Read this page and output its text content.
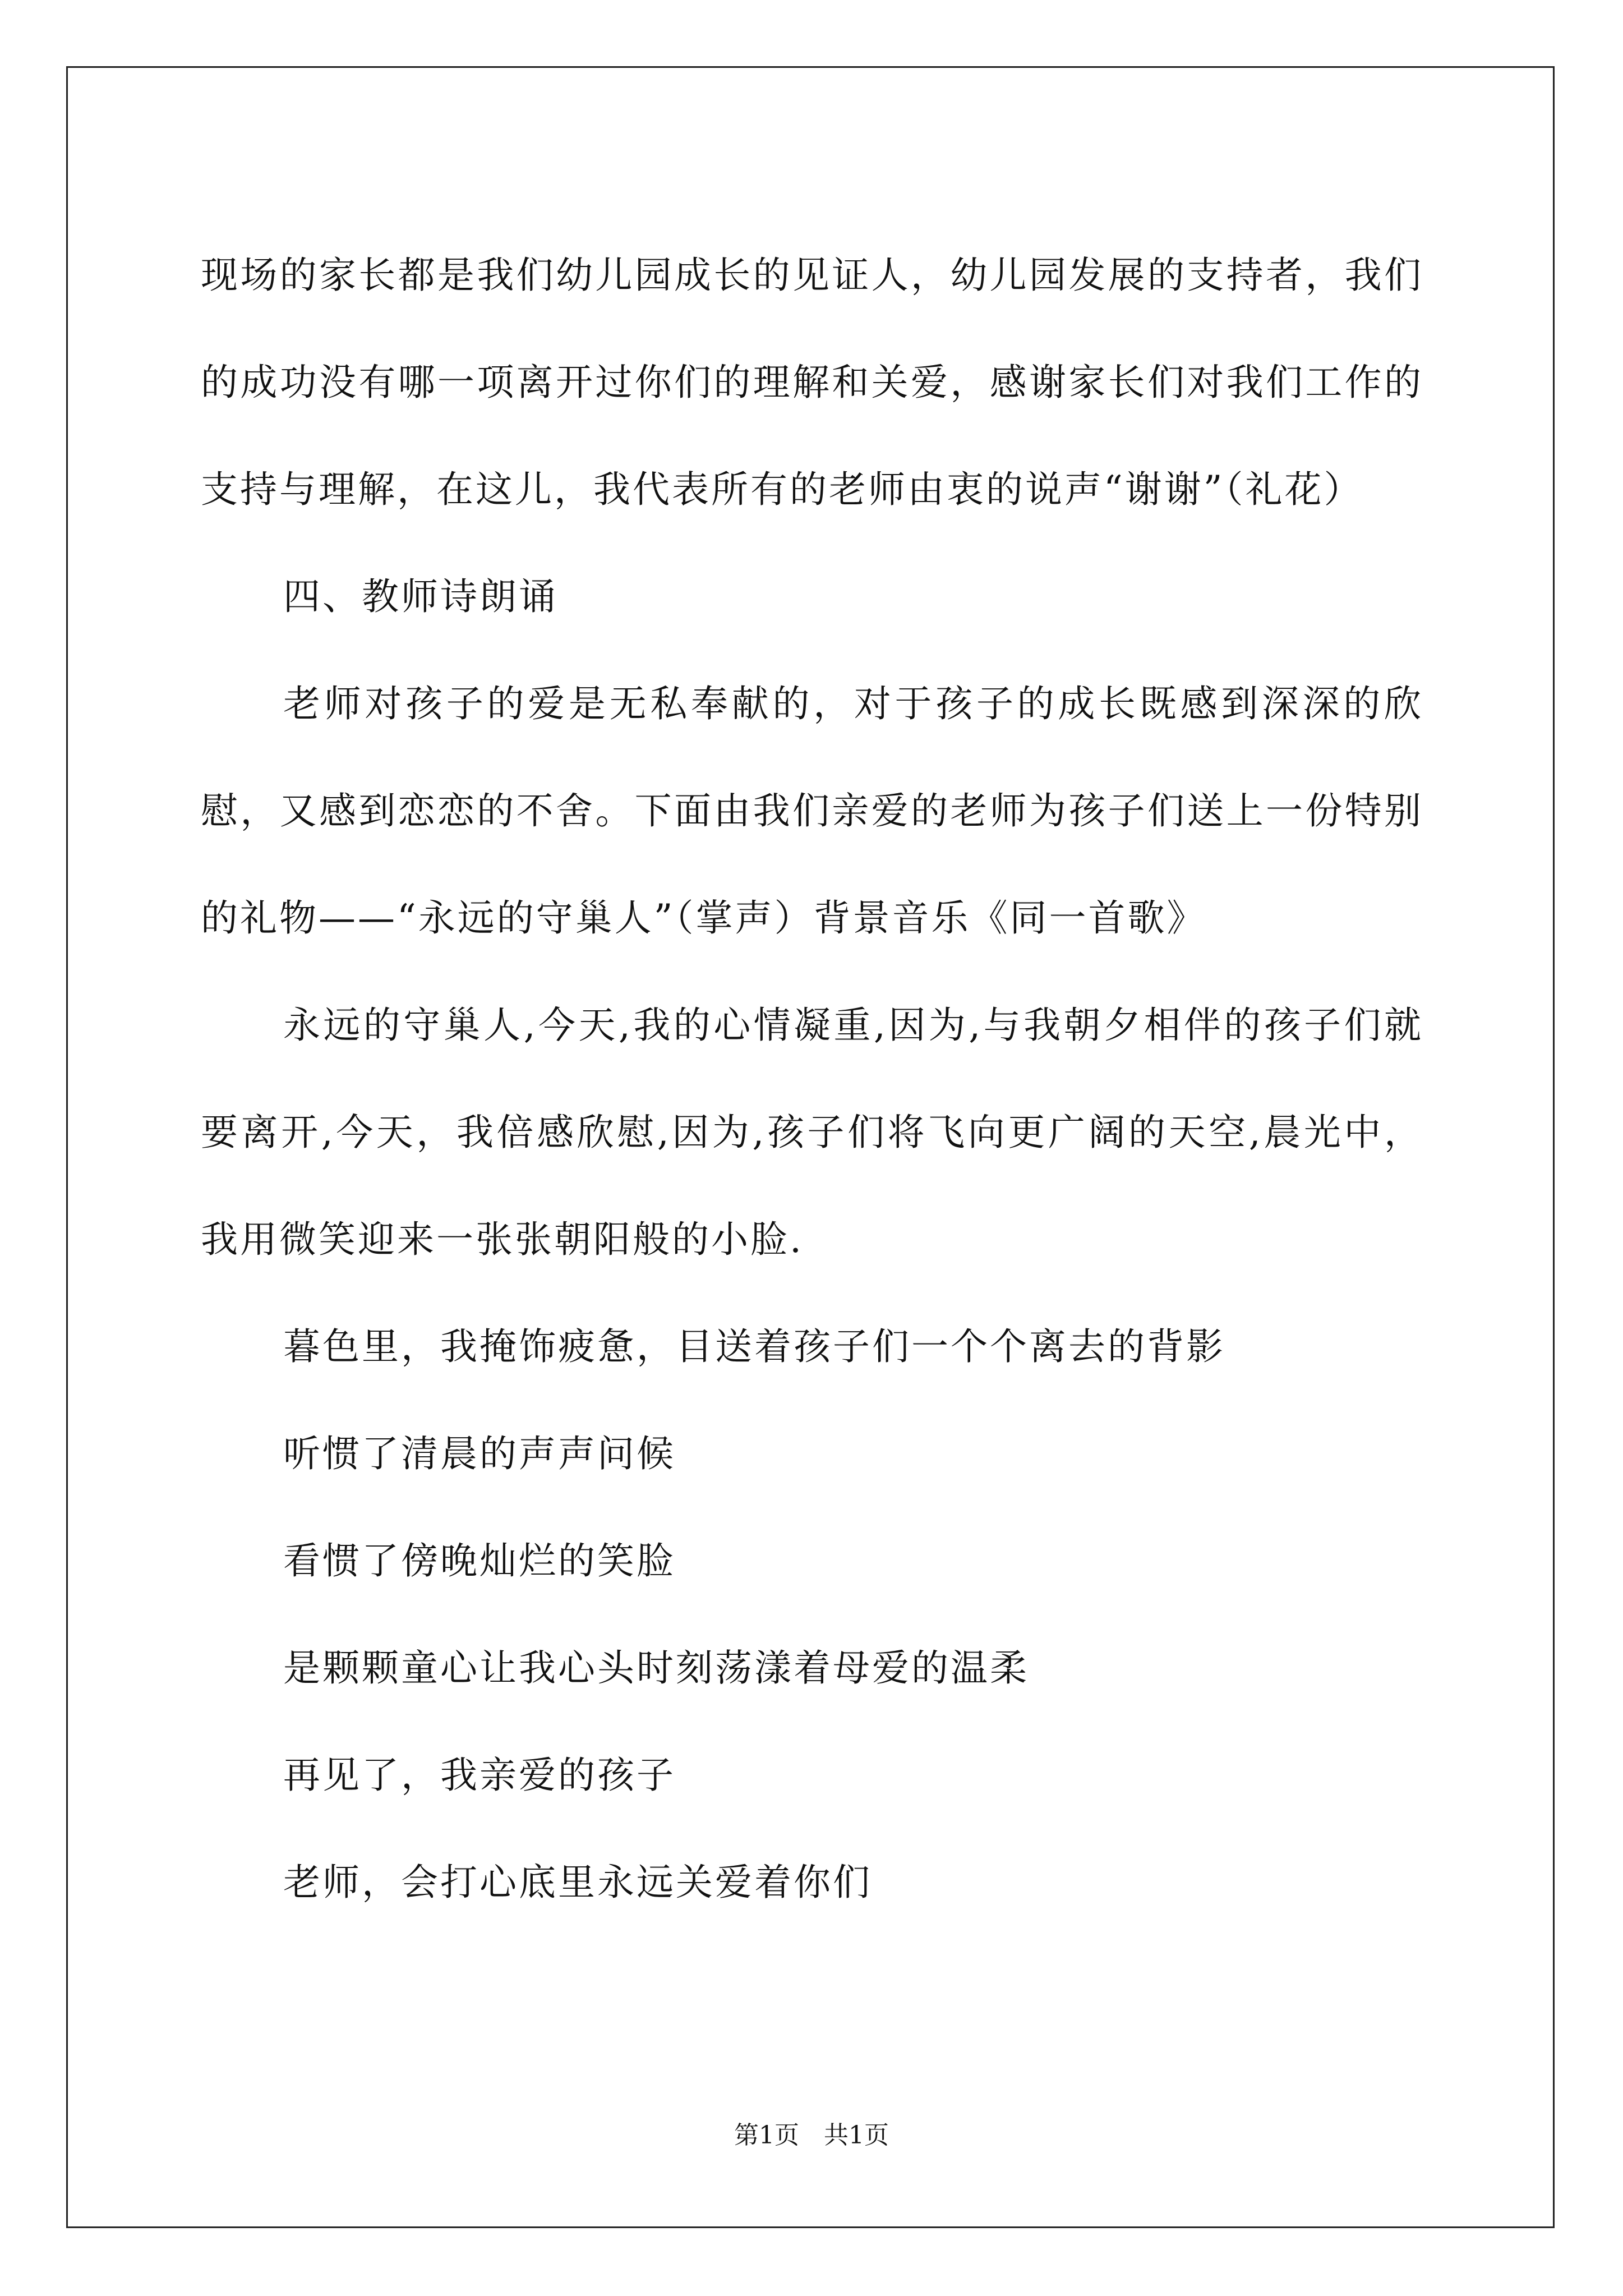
现场的家长都是我们幼儿园成长的见证人，幼儿园发展的支持者，我们的成功没有哪一项离开过你们的理解和关爱，感谢家长们对我们工作的支持与理解，在这儿，我代表所有的老师由衷的说声“谢谢”（礼花）

四、教师诗朗诵

老师对孩子的爱是无私奉献的，对于孩子的成长既感到深深的欣慰，又感到恋恋的不舍。下面由我们亲爱的老师为孩子们送上一份特别的礼物——“永远的守巢人”（掌声）背景音乐《同一首歌》

永远的守巢人,今天,我的心情凝重,因为,与我朝夕相伴的孩子们就要离开,今天，我倍感欣慰,因为,孩子们将飞向更广阔的天空,晨光中，我用微笑迎来一张张朝阳般的小脸.

暮色里，我掩饰疲惫，目送着孩子们一个个离去的背影

听惯了清晨的声声问候

看惯了傍晚灿烂的笑脸

是颗颗童心让我心头时刻荡漾着母爱的温柔

再见了，我亲爱的孩子

老师，会打心底里永远关爱着你们

第1页　共1页
